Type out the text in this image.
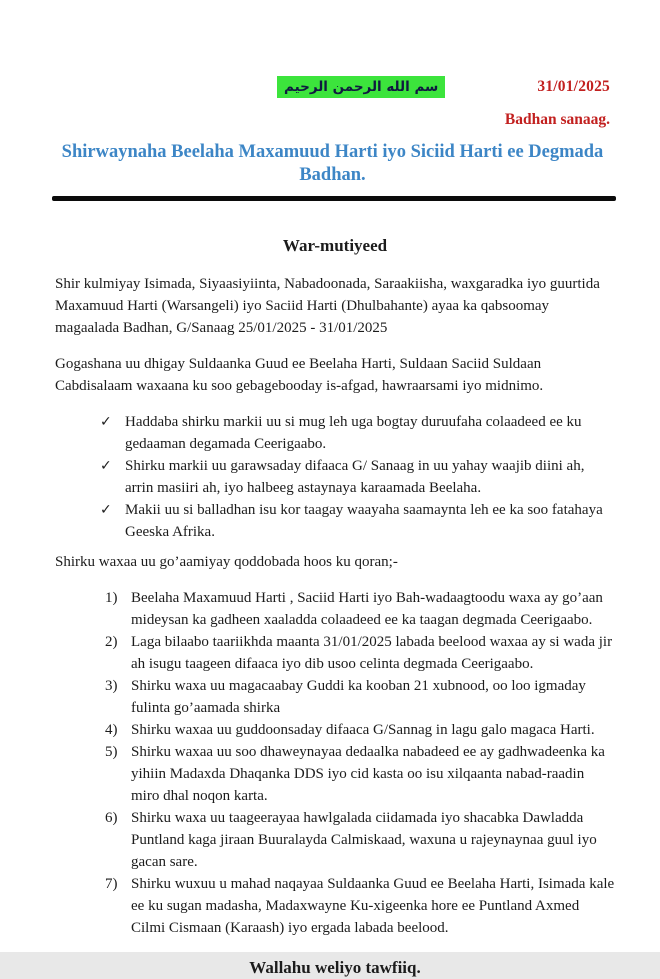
سم الله الرحمن الرحيم	31/01/2025
Badhan sanaag.
Shirwaynaha Beelaha Maxamuud Harti iyo Siciid Harti ee Degmada Badhan.
War-mutiyeed

Shir kulmiyay Isimada, Siyaasiyiinta, Nabadoonada, Saraakiisha, waxgaradka iyo guurtida Maxamuud Harti (Warsangeli) iyo Saciid Harti (Dhulbahante) ayaa ka qabsoomay magaalada Badhan, G/Sanaag 25/01/2025 - 31/01/2025

Gogashana uu dhigay Suldaanka Guud ee Beelaha Harti, Suldaan Saciid Suldaan Cabdisalaam waxaana ku soo gebagebooday is-afgad, hawraarsami iyo midnimo.

✓ Haddaba shirku markii uu si mug leh uga bogtay duruufaha colaadeed ee ku gedaaman degamada Ceerigaabo.
✓ Shirku markii uu garawsaday difaaca G/ Sanaag in uu yahay waajib diini ah, arrin masiiri ah, iyo halbeeg astaynaya karaamada Beelaha.
✓ Makii uu si balladhan isu kor taagay waayaha saamaynta leh ee ka soo fatahaya Geeska Afrika.

Shirku waxaa uu go’aamiyay qoddobada hoos ku qoran;-

1) Beelaha Maxamuud Harti , Saciid Harti iyo Bah-wadaagtoodu waxa ay go’aan mideysan ka gadheen xaaladda colaadeed ee ka taagan degmada Ceerigaabo.
2) Laga bilaabo taariikhda maanta 31/01/2025 labada beelood waxaa ay si wada jir ah isugu taageen difaaca iyo dib usoo celinta degmada Ceerigaabo.
3) Shirku waxa uu magacaabay Guddi ka kooban 21 xubnood, oo loo igmaday fulinta go’aamada shirka
4) Shirku waxaa uu guddoonsaday difaaca G/Sannag in lagu galo magaca Harti.
5) Shirku waxaa uu soo dhaweynayaa dedaalka nabadeed ee ay gadhwadeenka ka yihiin Madaxda Dhaqanka DDS iyo cid kasta oo isu xilqaanta nabad-raadin miro dhal noqon karta.
6) Shirku waxa uu taageerayaa hawlgalada ciidamada iyo shacabka Dawladda Puntland kaga jiraan Buuralayda Calmiskaad, waxuna u rajeynaynaa guul iyo gacan sare.
7) Shirku wuxuu u mahad naqayaa Suldaanka Guud ee Beelaha Harti, Isimada kale ee ku sugan madasha, Madaxwayne Ku-xigeenka hore ee Puntland Axmed Cilmi Cismaan (Karaash) iyo ergada labada beelood.
Wallahu weliyo tawfiiq.
